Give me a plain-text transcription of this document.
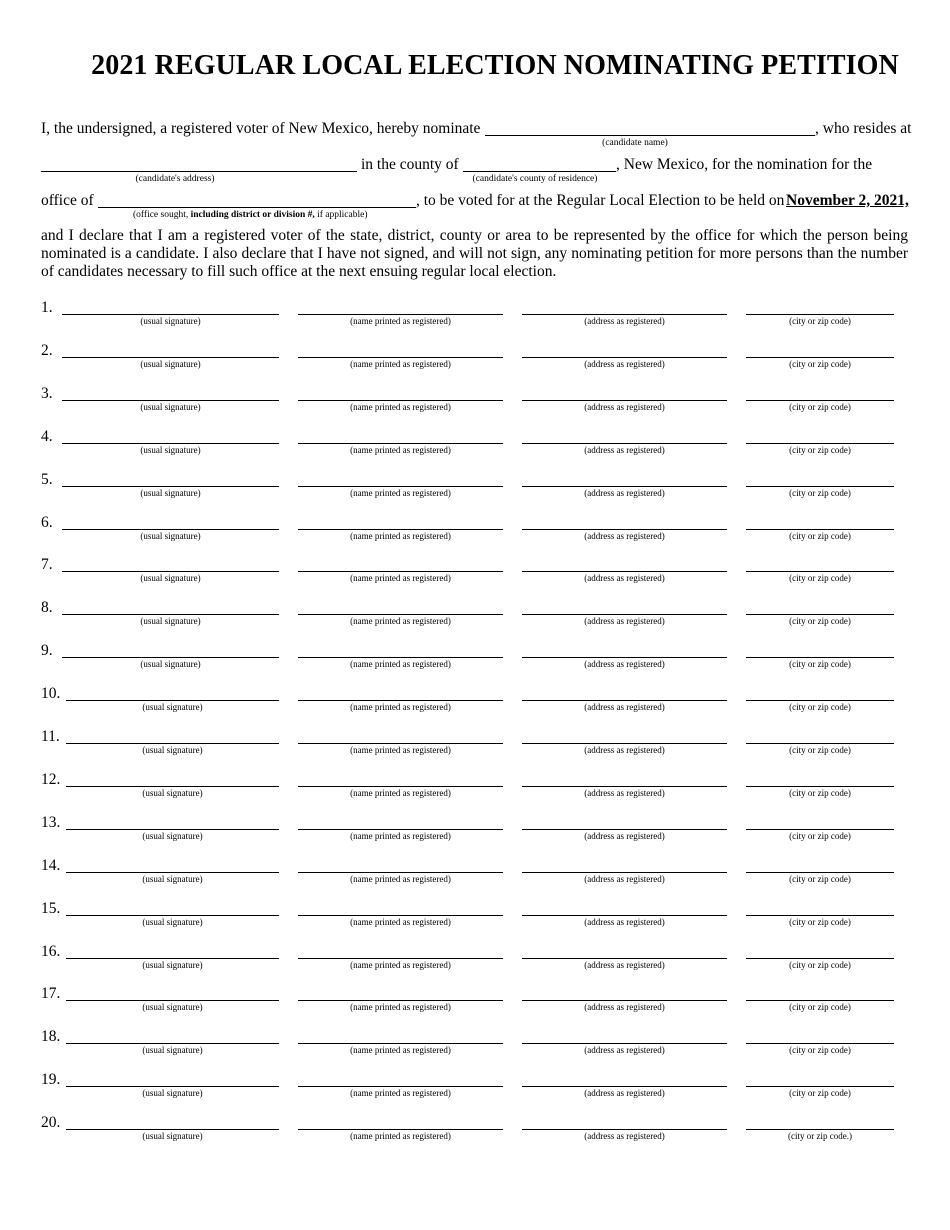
2021 REGULAR LOCAL ELECTION NOMINATING PETITION
I, the undersigned, a registered voter of New Mexico, hereby nominate	, who resides at
(candidate name)
in the county of	, New Mexico, for the nomination for the
(candidate's address)	(candidate's county of residence)
office of	, to be voted for at the Regular Local Election to be held on November 2, 2021,
(office sought, including district or division #, if applicable)

and I declare that I am a registered voter of the state, district, county or area to be represented by the office for which the person being nominated is a candidate. I also declare that I have not signed, and will not sign, any nominating petition for more persons than the number of candidates necessary to fill such office at the next ensuing regular local election.

1.
(usual signature)	(name printed as registered)	(address as registered)	(city or zip code)
2.
(usual signature)	(name printed as registered)	(address as registered)	(city or zip code)
3.
(usual signature)	(name printed as registered)	(address as registered)	(city or zip code)
4.
(usual signature)	(name printed as registered)	(address as registered)	(city or zip code)
5.
(usual signature)	(name printed as registered)	(address as registered)	(city or zip code)
6.
(usual signature)	(name printed as registered)	(address as registered)	(city or zip code)
7.
(usual signature)	(name printed as registered)	(address as registered)	(city or zip code)
8.
(usual signature)	(name printed as registered)	(address as registered)	(city or zip code)
9.
(usual signature)	(name printed as registered)	(address as registered)	(city or zip code)
10.
(usual signature)	(name printed as registered)	(address as registered)	(city or zip code)
11.
(usual signature)	(name printed as registered)	(address as registered)	(city or zip code)
12.
(usual signature)	(name printed as registered)	(address as registered)	(city or zip code)
13.
(usual signature)	(name printed as registered)	(address as registered)	(city or zip code)
14.
(usual signature)	(name printed as registered)	(address as registered)	(city or zip code)
15.
(usual signature)	(name printed as registered)	(address as registered)	(city or zip code)
16.
(usual signature)	(name printed as registered)	(address as registered)	(city or zip code)
17.
(usual signature)	(name printed as registered)	(address as registered)	(city or zip code)
18.
(usual signature)	(name printed as registered)	(address as registered)	(city or zip code)
19.
(usual signature)	(name printed as registered)	(address as registered)	(city or zip code)
20.
(usual signature)	(name printed as registered)	(address as registered)	(city or zip code.)
